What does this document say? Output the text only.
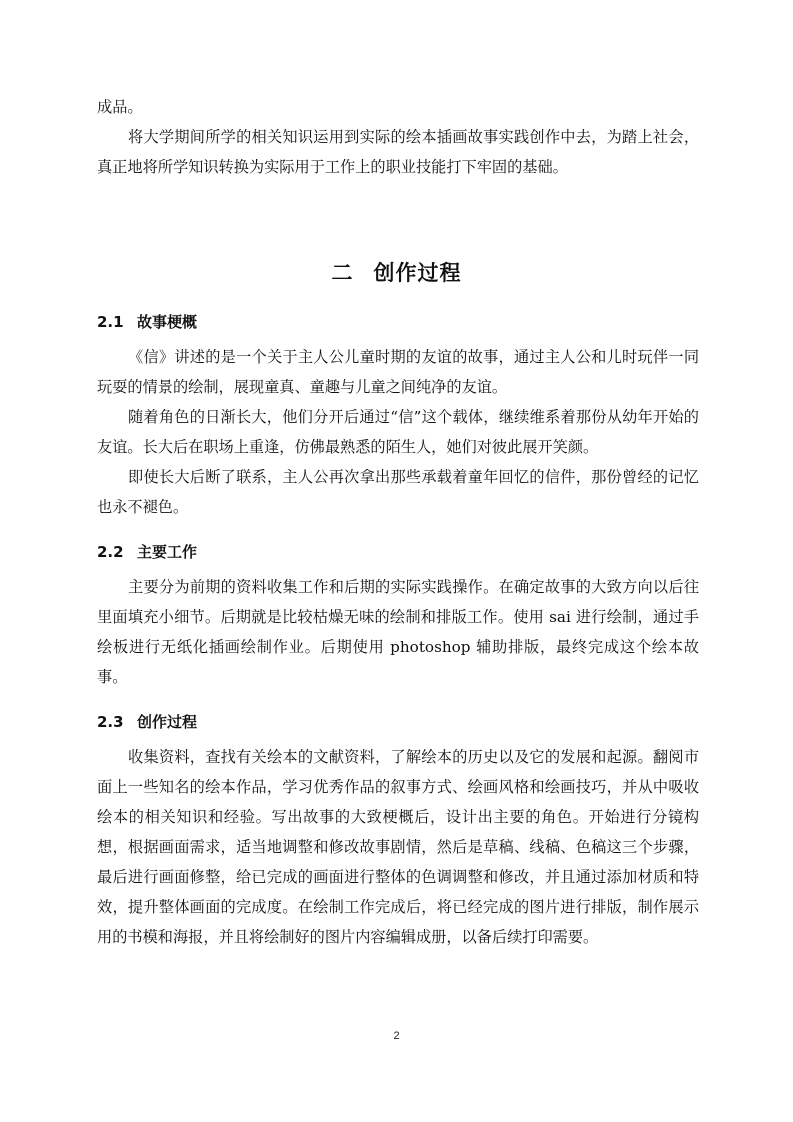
成品。

将大学期间所学的相关知识运用到实际的绘本插画故事实践创作中去，为踏上社会，真正地将所学知识转换为实际用于工作上的职业技能打下牢固的基础。

二 创作过程
2.1 故事梗概

《信》讲述的是一个关于主人公儿童时期的友谊的故事，通过主人公和儿时玩伴一同玩耍的情景的绘制，展现童真、童趣与儿童之间纯净的友谊。

随着角色的日渐长大，他们分开后通过“信”这个载体，继续维系着那份从幼年开始的友谊。长大后在职场上重逢，仿佛最熟悉的陌生人，她们对彼此展开笑颜。

即使长大后断了联系，主人公再次拿出那些承载着童年回忆的信件，那份曾经的记忆也永不褪色。

2.2 主要工作

主要分为前期的资料收集工作和后期的实际实践操作。在确定故事的大致方向以后往里面填充小细节。后期就是比较枯燥无味的绘制和排版工作。使用 sai 进行绘制，通过手绘板进行无纸化插画绘制作业。后期使用 photoshop 辅助排版，最终完成这个绘本故事。

2.3 创作过程

收集资料，查找有关绘本的文献资料，了解绘本的历史以及它的发展和起源。翻阅市面上一些知名的绘本作品，学习优秀作品的叙事方式、绘画风格和绘画技巧，并从中吸收绘本的相关知识和经验。写出故事的大致梗概后，设计出主要的角色。开始进行分镜构想，根据画面需求，适当地调整和修改故事剧情，然后是草稿、线稿、色稿这三个步骤，最后进行画面修整，给已完成的画面进行整体的色调调整和修改，并且通过添加材质和特效，提升整体画面的完成度。在绘制工作完成后，将已经完成的图片进行排版，制作展示用的书模和海报，并且将绘制好的图片内容编辑成册，以备后续打印需要。

2
